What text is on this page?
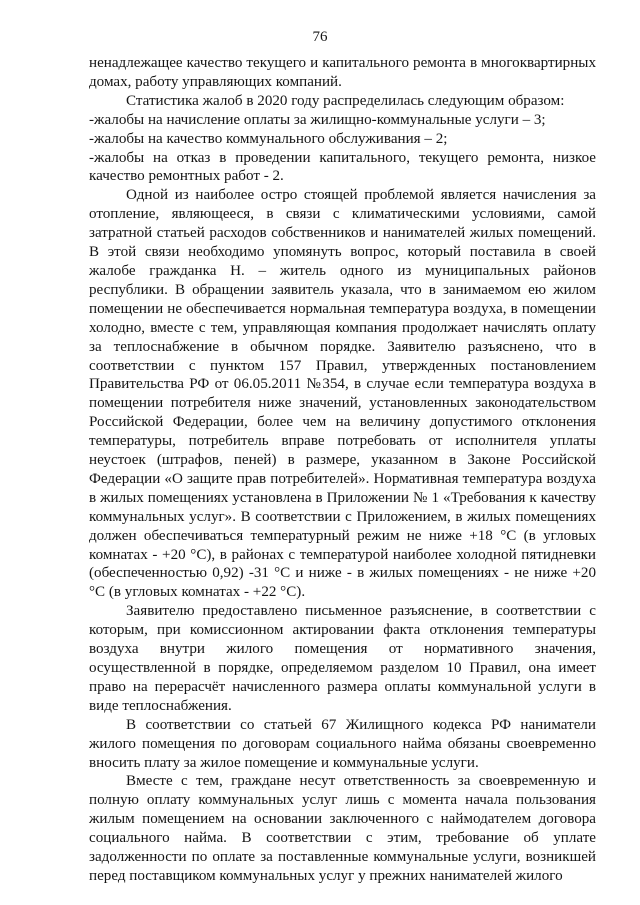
76

ненадлежащее качество текущего и капитального ремонта в многоквартирных домах, работу управляющих компаний.

Статистика жалоб в 2020 году распределилась следующим образом:

-жалобы на начисление оплаты за жилищно-коммунальные услуги – 3;

-жалобы на качество коммунального обслуживания – 2;

-жалобы на отказ в проведении капитального, текущего ремонта, низкое качество ремонтных работ - 2.

Одной из наиболее остро стоящей проблемой является начисления за отопление, являющееся, в связи с климатическими условиями, самой затратной статьей расходов собственников и нанимателей жилых помещений. В этой связи необходимо упомянуть вопрос, который поставила в своей жалобе гражданка Н. – житель одного из муниципальных районов республики. В обращении заявитель указала, что в занимаемом ею жилом помещении не обеспечивается нормальная температура воздуха, в помещении холодно, вместе с тем, управляющая компания продолжает начислять оплату за теплоснабжение в обычном порядке. Заявителю разъяснено, что в соответствии с пунктом 157 Правил, утвержденных постановлением Правительства РФ от 06.05.2011 №354, в случае если температура воздуха в помещении потребителя ниже значений, установленных законодательством Российской Федерации, более чем на величину допустимого отклонения температуры, потребитель вправе потребовать от исполнителя уплаты неустоек (штрафов, пеней) в размере, указанном в Законе Российской Федерации «О защите прав потребителей». Нормативная температура воздуха в жилых помещениях установлена в Приложении № 1 «Требования к качеству коммунальных услуг». В соответствии с Приложением, в жилых помещениях должен обеспечиваться температурный режим не ниже +18 °C (в угловых комнатах - +20 °C), в районах с температурой наиболее холодной пятидневки (обеспеченностью 0,92) -31 °C и ниже - в жилых помещениях - не ниже +20 °C (в угловых комнатах - +22 °C).

Заявителю предоставлено письменное разъяснение, в соответствии с которым, при комиссионном актировании факта отклонения температуры воздуха внутри жилого помещения от нормативного значения, осуществленной в порядке, определяемом разделом 10 Правил, она имеет право на перерасчёт начисленного размера оплаты коммунальной услуги в виде теплоснабжения.

В соответствии со статьей 67 Жилищного кодекса РФ наниматели жилого помещения по договорам социального найма обязаны своевременно вносить плату за жилое помещение и коммунальные услуги.

Вместе с тем, граждане несут ответственность за своевременную и полную оплату коммунальных услуг лишь с момента начала пользования жилым помещением на основании заключенного с наймодателем договора социального найма. В соответствии с этим, требование об уплате задолженности по оплате за поставленные коммунальные услуги, возникшей перед поставщиком коммунальных услуг у прежних нанимателей жилого
